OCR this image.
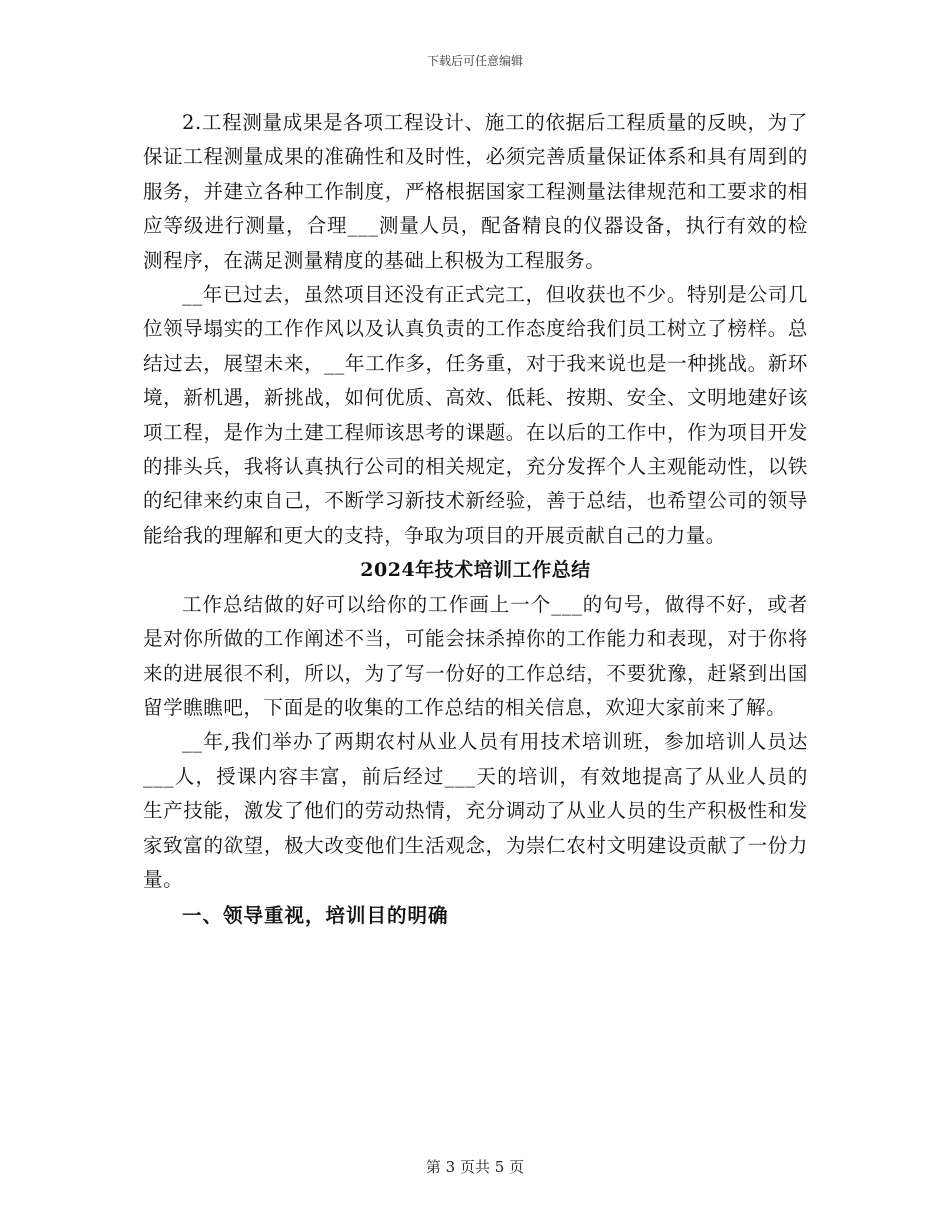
下载后可任意编辑

2.工程测量成果是各项工程设计、施工的依据后工程质量的反映，为了保证工程测量成果的准确性和及时性，必须完善质量保证体系和具有周到的服务，并建立各种工作制度，严格根据国家工程测量法律规范和工要求的相应等级进行测量，合理___测量人员，配备精良的仪器设备，执行有效的检测程序，在满足测量精度的基础上积极为工程服务。

__年已过去，虽然项目还没有正式完工，但收获也不少。特别是公司几位领导塌实的工作作风以及认真负责的工作态度给我们员工树立了榜样。总结过去，展望未来，__年工作多，任务重，对于我来说也是一种挑战。新环境，新机遇，新挑战，如何优质、高效、低耗、按期、安全、文明地建好该项工程，是作为土建工程师该思考的课题。在以后的工作中，作为项目开发的排头兵，我将认真执行公司的相关规定，充分发挥个人主观能动性，以铁的纪律来约束自己，不断学习新技术新经验，善于总结，也希望公司的领导能给我的理解和更大的支持，争取为项目的开展贡献自己的力量。

2024年技术培训工作总结

工作总结做的好可以给你的工作画上一个___的句号，做得不好，或者是对你所做的工作阐述不当，可能会抹杀掉你的工作能力和表现，对于你将来的进展很不利，所以，为了写一份好的工作总结，不要犹豫，赶紧到出国留学瞧瞧吧，下面是的收集的工作总结的相关信息，欢迎大家前来了解。

__年,我们举办了两期农村从业人员有用技术培训班，参加培训人员达___人，授课内容丰富，前后经过___天的培训，有效地提高了从业人员的生产技能，激发了他们的劳动热情，充分调动了从业人员的生产积极性和发家致富的欲望，极大改变他们生活观念，为崇仁农村文明建设贡献了一份力量。

一、领导重视，培训目的明确

第 3 页共 5 页
